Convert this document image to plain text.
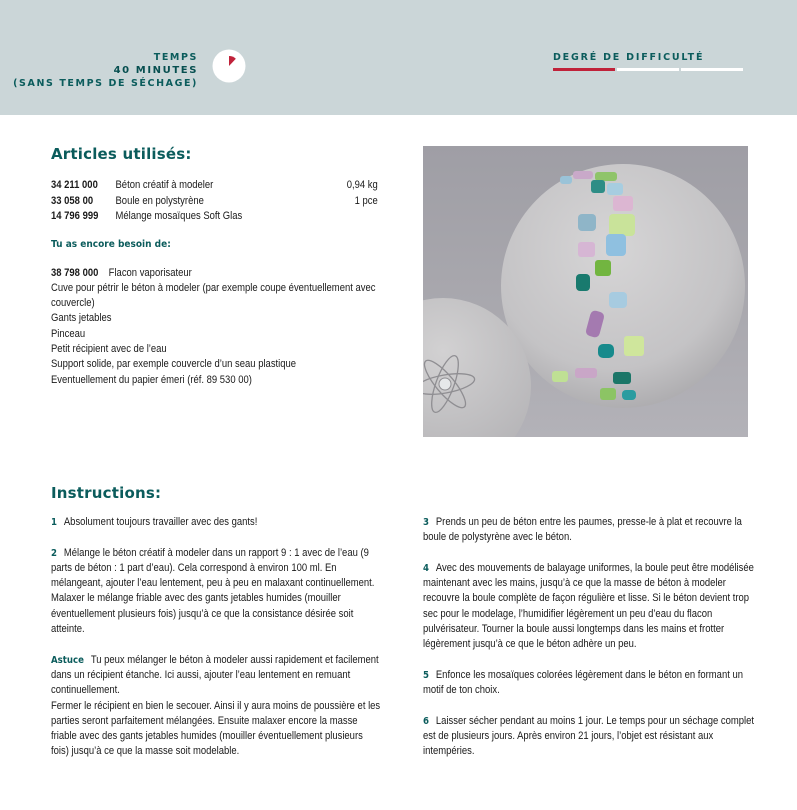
TEMPS
40 MINUTES
(SANS TEMPS DE SÉCHAGE)
DEGRÉ DE DIFFICULTÉ
Articles utilisés:
34 211 000	Béton créatif à modeler	0,94 kg
33 058 00	Boule en polystyrène	1 pce
14 796 999	Mélange mosaïques Soft Glas
Tu as encore besoin de:
38 798 000 Flacon vaporisateur
Cuve pour pétrir le béton à modeler (par exemple coupe éventuellement avec couvercle)
Gants jetables
Pinceau
Petit récipient avec de l’eau
Support solide, par exemple couvercle d’un seau plastique
Eventuellement du papier émeri (réf. 89 530 00)
Instructions:

1 Absolument toujours travailler avec des gants!

2 Mélange le béton créatif à modeler dans un rapport 9 : 1 avec de l’eau (9 parts de béton : 1 part d’eau). Cela correspond à environ 100 ml. En mélangeant, ajouter l’eau lentement, peu à peu en malaxant continuellement. Malaxer le mélange friable avec des gants jetables humides (mouiller éventuellement plusieurs fois) jusqu’à ce que la consistance désirée soit atteinte.

Astuce Tu peux mélanger le béton à modeler aussi rapidement et facilement dans un récipient étanche. Ici aussi, ajouter l’eau lentement en remuant continuellement.

Fermer le récipient en bien le secouer. Ainsi il y aura moins de poussière et les parties seront parfaitement mélangées. Ensuite malaxer encore la masse friable avec des gants jetables humides (mouiller éventuellement plusieurs fois) jusqu’à ce que la masse soit modelable.

3 Prends un peu de béton entre les paumes, presse-le à plat et recouvre la boule de polystyrène avec le béton.

4 Avec des mouvements de balayage uniformes, la boule peut être modélisée maintenant avec les mains, jusqu’à ce que la masse de béton à modeler recouvre la boule complète de façon régulière et lisse. Si le béton devient trop sec pour le modelage, l’humidifier légèrement un peu d’eau du flacon pulvérisateur. Tourner la boule aussi longtemps dans les mains et frotter légèrement jusqu’à ce que le béton adhère un peu.

5 Enfonce les mosaïques colorées légèrement dans le béton en formant un motif de ton choix.

6 Laisser sécher pendant au moins 1 jour. Le temps pour un séchage complet est de plusieurs jours. Après environ 21 jours, l’objet est résistant aux intempéries.
